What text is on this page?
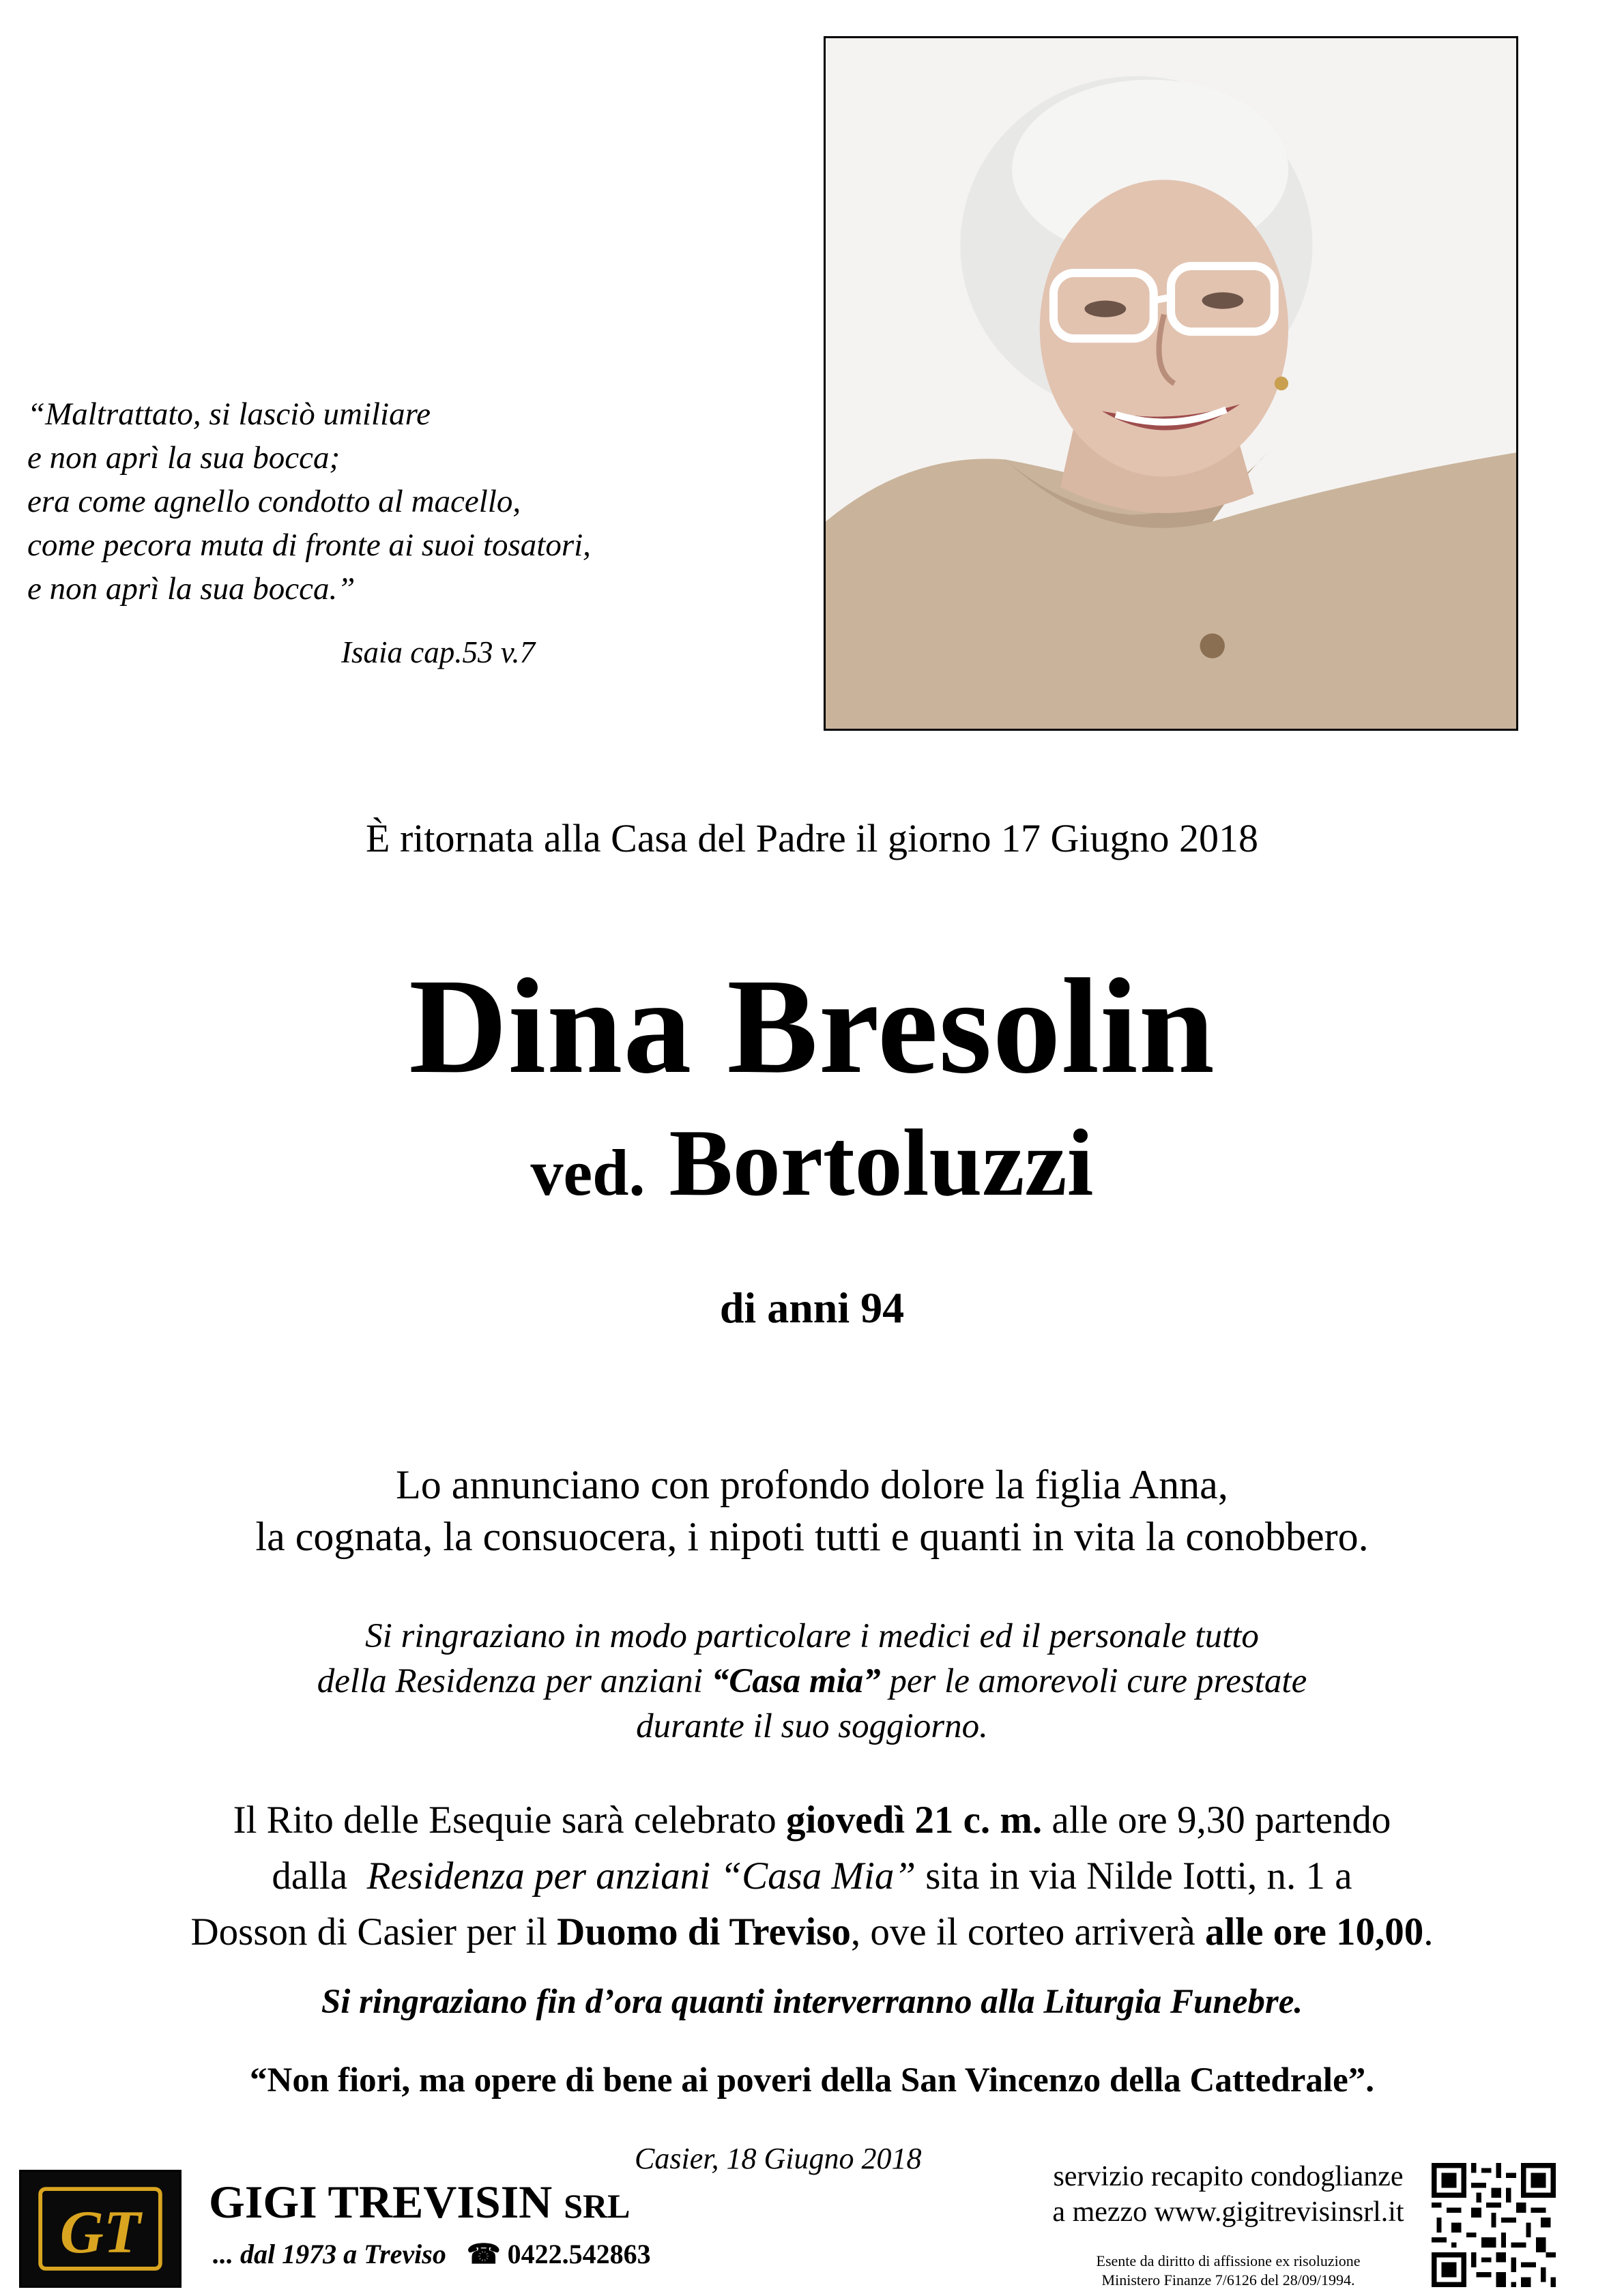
“Maltrattato, si lasciò umiliare
e non aprì la sua bocca;
era come agnello condotto al macello,
come pecora muta di fronte ai suoi tosatori,
e non aprì la sua bocca.”
Isaia cap.53 v.7
È ritornata alla Casa del Padre il giorno 17 Giugno 2018
Dina Bresolin
ved. Bortoluzzi
di anni 94
Lo annunciano con profondo dolore la figlia Anna,
la cognata, la consuocera, i nipoti tutti e quanti in vita la conobbero.
Si ringraziano in modo particolare i medici ed il personale tutto
della Residenza per anziani “Casa mia” per le amorevoli cure prestate
durante il suo soggiorno.
Il Rito delle Esequie sarà celebrato giovedì 21 c. m. alle ore 9,30 partendo
dalla  Residenza per anziani “Casa Mia” sita in via Nilde Iotti, n. 1 a
Dosson di Casier per il Duomo di Treviso, ove il corteo arriverà alle ore 10,00.
Si ringraziano fin d’ora quanti interverranno alla Liturgia Funebre.
“Non fiori, ma opere di bene ai poveri della San Vincenzo della Cattedrale”.
Casier, 18 Giugno 2018
GT GIGI TREVISIN SRL
... dal 1973 a Treviso ☎ 0422.542863
servizio recapito condoglianze
a mezzo www.gigitrevisinsrl.it
Esente da diritto di affissione ex risoluzione
Ministero Finanze 7/6126 del 28/09/1994.
